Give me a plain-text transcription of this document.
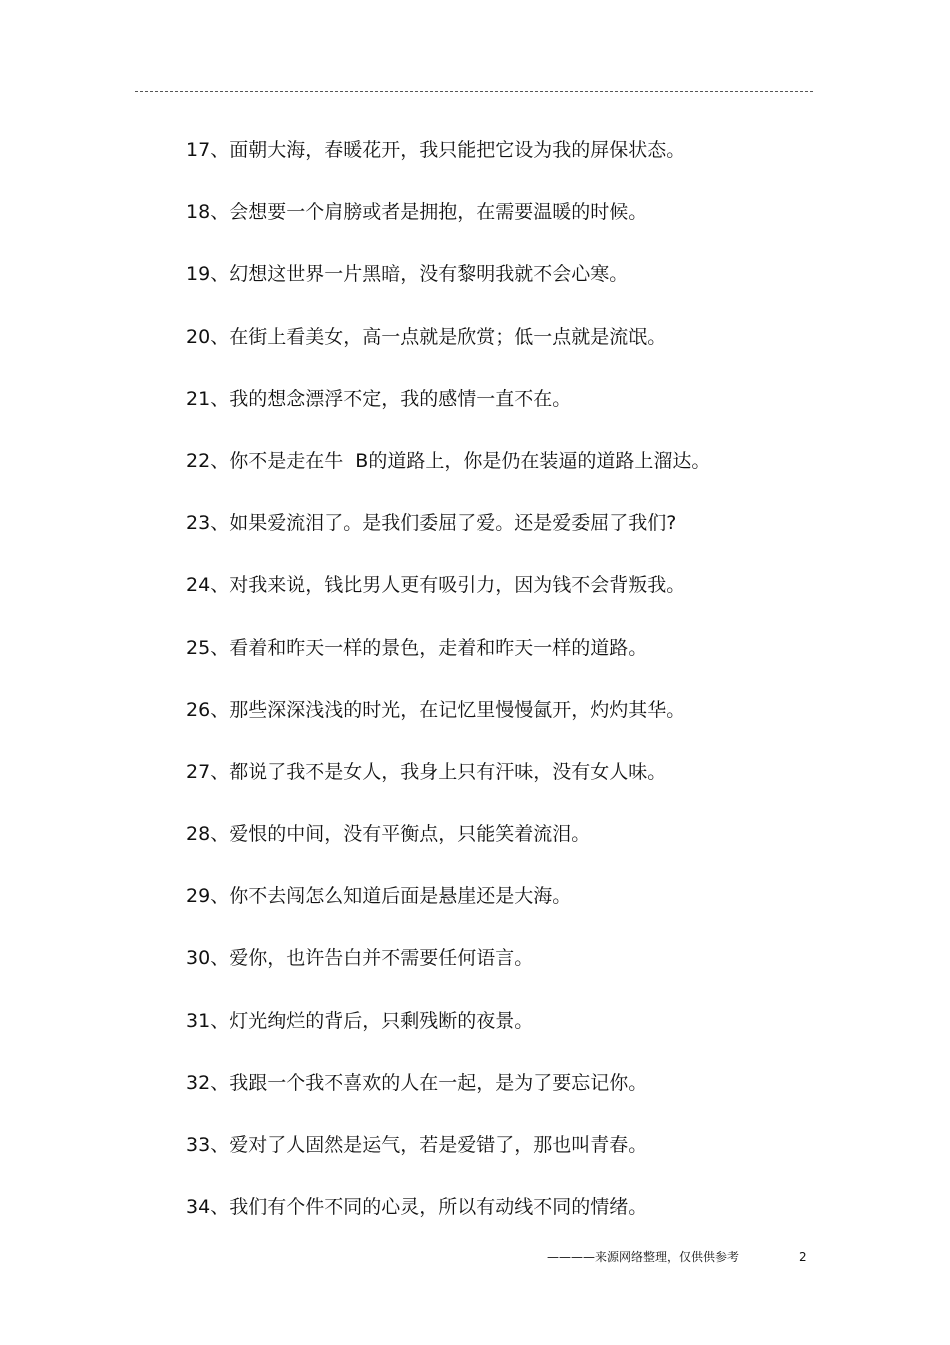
17 、 面朝大海，春暖花开，我只能把它设为我的屏保状态。
18 、 会想要一个肩膀或者是拥抱，在需要温暖的时候。
19 、 幻想这世界一片黑暗，没有黎明我就不会心寒。
20 、 在街上看美女，高一点就是欣赏；低一点就是流氓。
21 、 我的想念漂浮不定，我的感情一直不在。
22 、 你不是走在牛  B的道路上，你是仍在装逼的道路上溜达。
23 、 如果爱流泪了。是我们委屈了爱。还是爱委屈了我们?
24 、 对我来说，钱比男人更有吸引力，因为钱不会背叛我。
25 、 看着和昨天一样的景色，走着和昨天一样的道路。
26 、 那些深深浅浅的时光，在记忆里慢慢氤开，灼灼其华。
27 、 都说了我不是女人，我身上只有汗味，没有女人味。
28 、 爱恨的中间，没有平衡点，只能笑着流泪。
29 、 你不去闯怎么知道后面是悬崖还是大海。
30 、 爱你，也许告白并不需要任何语言。
31 、 灯光绚烂的背后，只剩残断的夜景。
32 、 我跟一个我不喜欢的人在一起，是为了要忘记你。
33 、 爱对了人固然是运气，若是爱错了，那也叫青春。
34 、 我们有个件不同的心灵，所以有动线不同的情绪。
————来源网络整理，仅供供参考	2
